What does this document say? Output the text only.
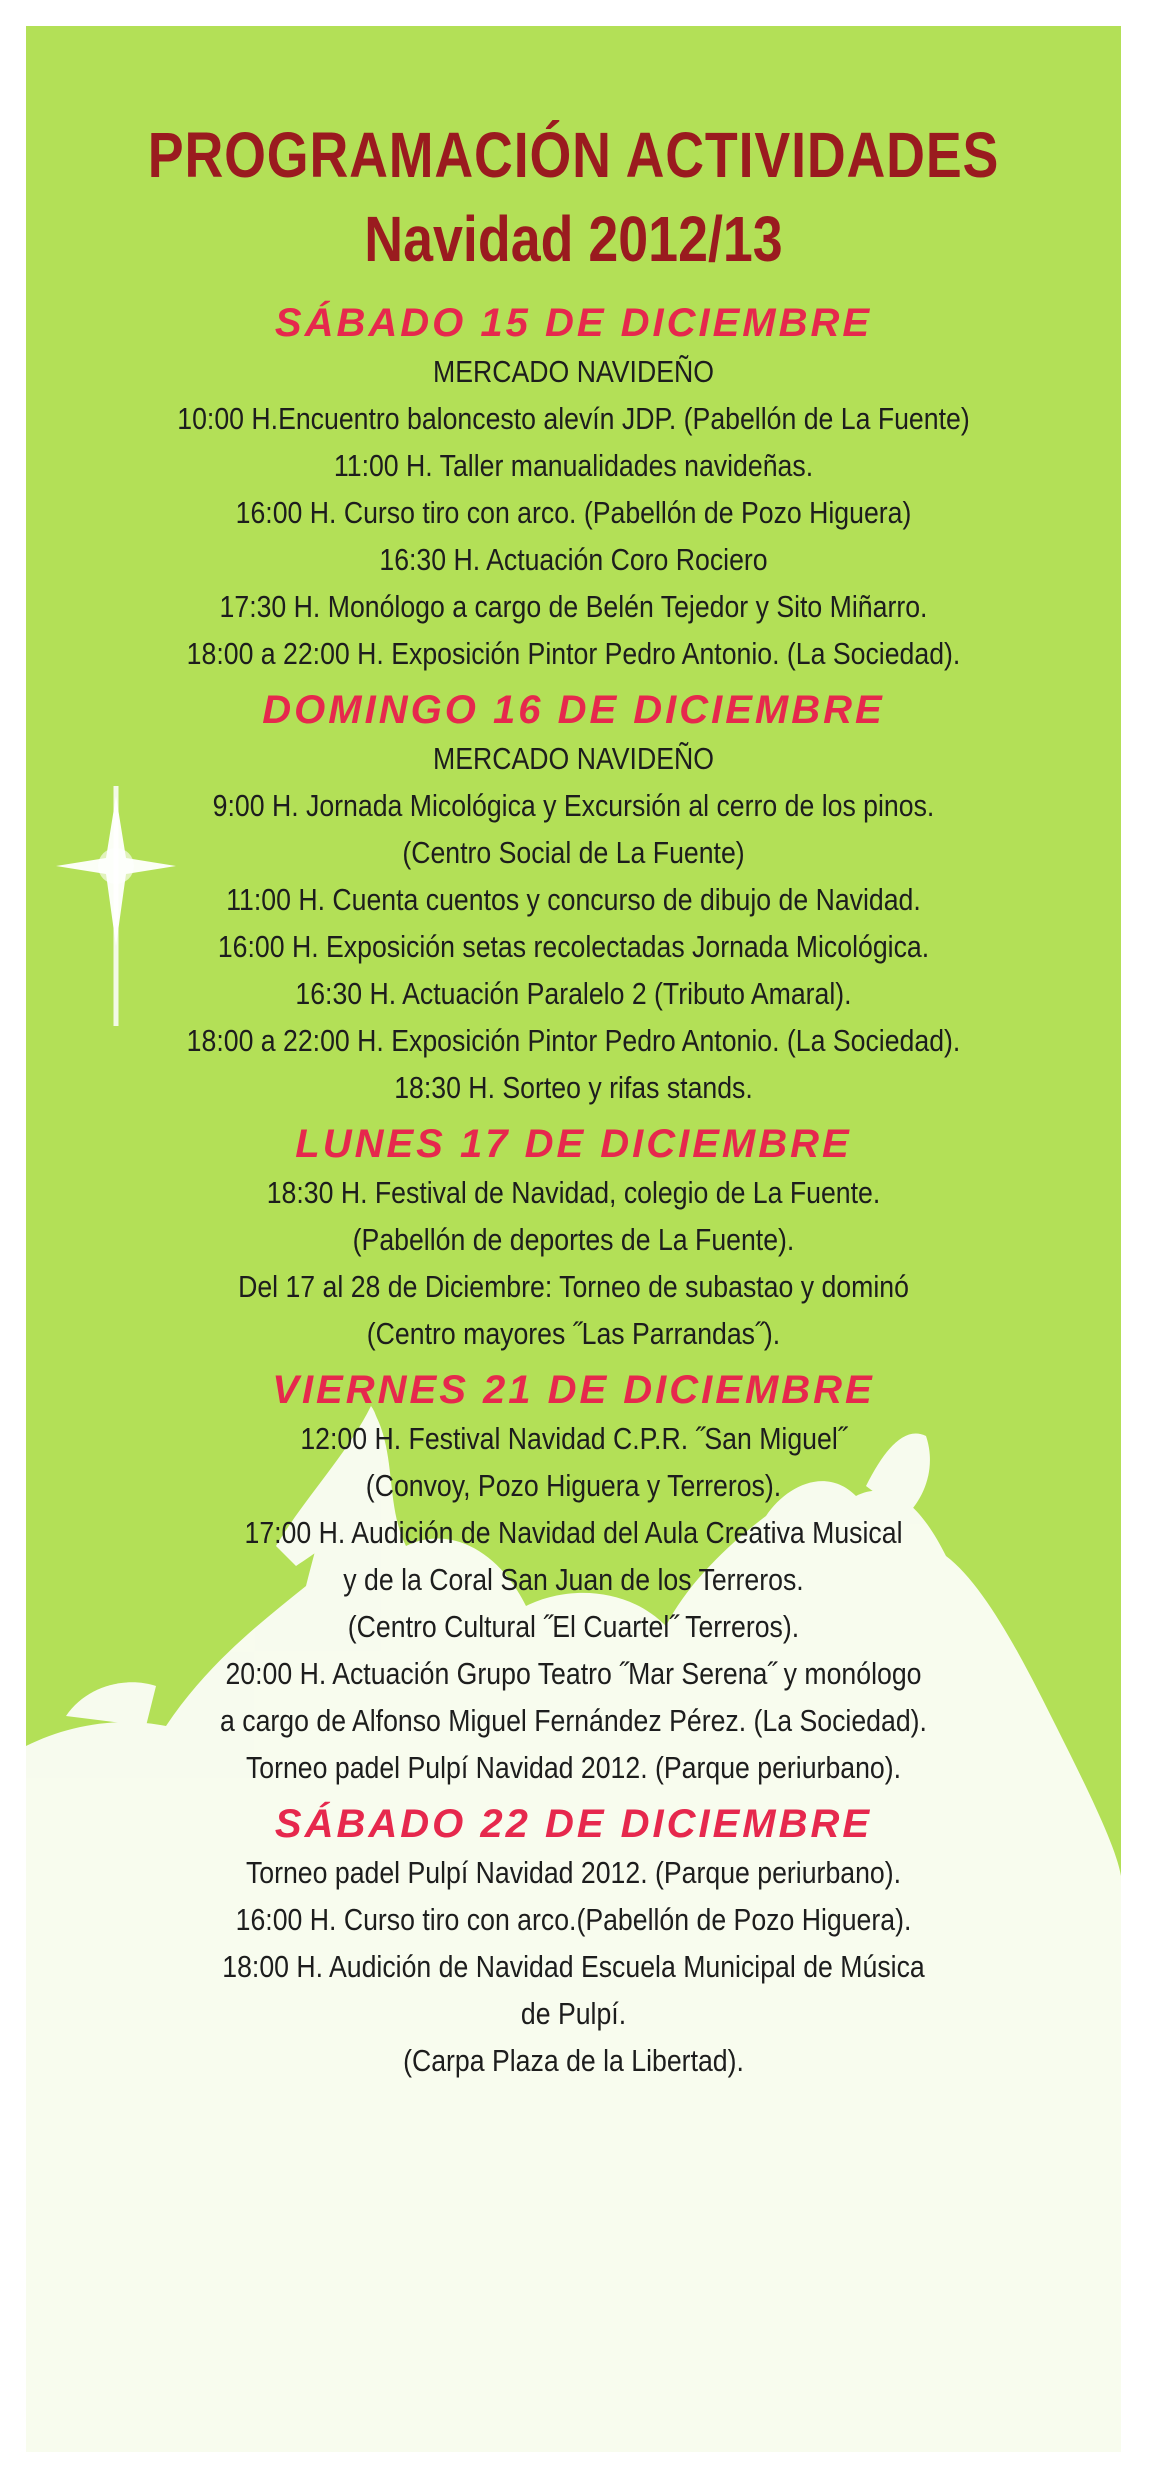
PROGRAMACIÓN ACTIVIDADES
Navidad 2012/13
SÁBADO 15 DE DICIEMBRE
MERCADO NAVIDEÑO
10:00 H.Encuentro baloncesto alevín JDP. (Pabellón de La Fuente)
11:00 H. Taller manualidades navideñas.
16:00 H. Curso tiro con arco. (Pabellón de Pozo Higuera)
16:30 H. Actuación Coro Rociero
17:30 H. Monólogo a cargo de Belén Tejedor y Sito Miñarro.
18:00 a 22:00 H. Exposición Pintor Pedro Antonio. (La Sociedad).
DOMINGO 16 DE DICIEMBRE
MERCADO NAVIDEÑO
9:00 H. Jornada Micológica y Excursión al cerro de los pinos.
(Centro Social de La Fuente)
11:00 H. Cuenta cuentos y concurso de dibujo de Navidad.
16:00 H. Exposición setas recolectadas Jornada Micológica.
16:30 H. Actuación Paralelo 2 (Tributo Amaral).
18:00 a 22:00 H. Exposición Pintor Pedro Antonio. (La Sociedad).
18:30 H. Sorteo y rifas stands.
LUNES 17 DE DICIEMBRE
18:30 H. Festival de Navidad, colegio de La Fuente.
(Pabellón de deportes de La Fuente).
Del 17 al 28 de Diciembre: Torneo de subastao y dominó
(Centro mayores ˝Las Parrandas˝).
VIERNES 21 DE DICIEMBRE
12:00 H. Festival Navidad C.P.R. ˝San Miguel˝
(Convoy, Pozo Higuera y Terreros).
17:00 H. Audición de Navidad del Aula Creativa Musical
y de la Coral San Juan de los Terreros.
(Centro Cultural ˝El Cuartel˝ Terreros).
20:00 H. Actuación Grupo Teatro ˝Mar Serena˝ y monólogo
a cargo de Alfonso Miguel Fernández Pérez. (La Sociedad).
Torneo padel Pulpí Navidad 2012. (Parque periurbano).
SÁBADO 22 DE DICIEMBRE
Torneo padel Pulpí Navidad 2012. (Parque periurbano).
16:00 H. Curso tiro con arco.(Pabellón de Pozo Higuera).
18:00 H. Audición de Navidad Escuela Municipal de Música
de Pulpí.
(Carpa Plaza de la Libertad).
